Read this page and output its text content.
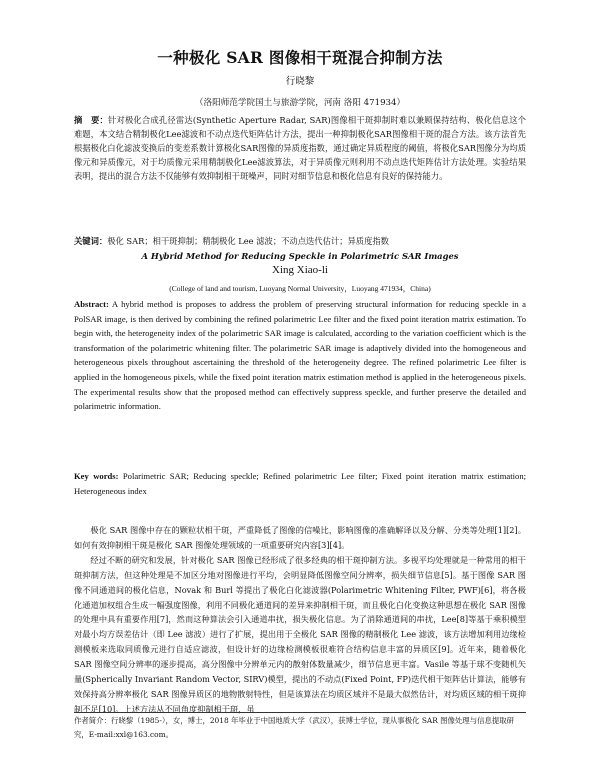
一种极化 SAR 图像相干斑混合抑制方法
行晓黎
（洛阳师范学院国土与旅游学院，河南 洛阳 471934）
摘　要：针对极化合成孔径雷达(Synthetic Aperture Radar, SAR)图像相干斑抑制时难以兼顾保持结构、极化信息这个难题，本文结合精制极化Lee滤波和不动点迭代矩阵估计方法，提出一种抑制极化SAR图像相干斑的混合方法。该方法首先根据极化白化滤波变换后的变差系数计算极化SAR图像的异质度指数，通过确定异质程度的阈值，将极化SAR图像分为均质像元和异质像元，对于均质像元采用精制极化Lee滤波算法，对于异质像元则利用不动点迭代矩阵估计方法处理。实验结果表明，提出的混合方法不仅能够有效抑制相干斑噪声，同时对细节信息和极化信息有良好的保持能力。
关键词：极化 SAR；相干斑抑制；精制极化 Lee 滤波；不动点迭代估计；异质度指数
A Hybrid Method for Reducing Speckle in Polarimetric SAR Images
Xing Xiao-li
(College of land and tourism, Luoyang Normal University，Luoyang 471934，China)
Abstract: A hybrid method is proposes to address the problem of preserving structural information for reducing speckle in a PolSAR image, is then derived by combining the refined polarimetric Lee filter and the fixed point iteration matrix estimation. To begin with, the heterogeneity index of the polarimetric SAR image is calculated, according to the variation coefficient which is the transformation of the polarimetric whitening filter. The polarimetric SAR image is adaptively divided into the homogeneous and heterogeneous pixels throughout ascertaining the threshold of the heterogeneity degree. The refined polarimetric Lee filter is applied in the homogeneous pixels, while the fixed point iteration matrix estimation method is applied in the heterogeneous pixels. The experimental results show that the proposed method can effectively suppress speckle, and further preserve the detailed and polarimetric information.
Key words: Polarimetric SAR; Reducing speckle; Refined polarimetric Lee filter; Fixed point iteration matrix estimation; Heterogeneous index

极化 SAR 图像中存在的颗粒状相干斑，严重降低了图像的信噪比，影响图像的准确解译以及分解、分类等处理[1][2]。如何有效抑制相干斑是极化 SAR 图像处理领域的一项重要研究内容[3][4]。

经过不断的研究和发展，针对极化 SAR 图像已经形成了很多经典的相干斑抑制方法。多视平均处理就是一种常用的相干斑抑制方法，但这种处理是不加区分地对图像进行平均，会明显降低图像空间分辨率，损失细节信息[5]。基于图像 SAR 图像不同通道间的极化信息，Novak 和 Burl 等提出了极化白化滤波器(Polarimetric Whitening Filter, PWF)[6]，将各极化通道加权组合生成一幅强度图像，利用不同极化通道间的差异来抑制相干斑，而且极化白化变换这种思想在极化 SAR 图像的处理中具有重要作用[7]，然而这种算法会引入通道串扰，损失极化信息。为了消除通道间的串扰，Lee[8]等基于乘积模型对最小均方误差估计（即 Lee 滤波）进行了扩展，提出用于全极化 SAR 图像的精制极化 Lee 滤波，该方法增加利用边缘检测模板来选取同质像元进行自适应滤波，但设计好的边缘检测模板很难符合结构信息丰富的异质区[9]。近年来，随着极化 SAR 图像空间分辨率的逐步提高，高分图像中分辨单元内的散射体数量减少，细节信息更丰富。Vasile 等基于球不变随机矢量(Spherically Invariant Random Vector, SIRV)模型，提出的不动点(Fixed Point, FP)迭代相干矩阵估计算法，能够有效保持高分辨率极化 SAR 图像异质区的地物散射特性，但是该算法在均质区域并不是最大似然估计，对均质区域的相干斑抑制不足[10]。上述方法从不同角度抑制相干斑，虽

作者简介：行晓黎（1985-），女，博士，2018 年毕业于中国地质大学（武汉），获博士学位，现从事极化 SAR 图像处理与信息提取研究，E-mail:xxl@163.com。
